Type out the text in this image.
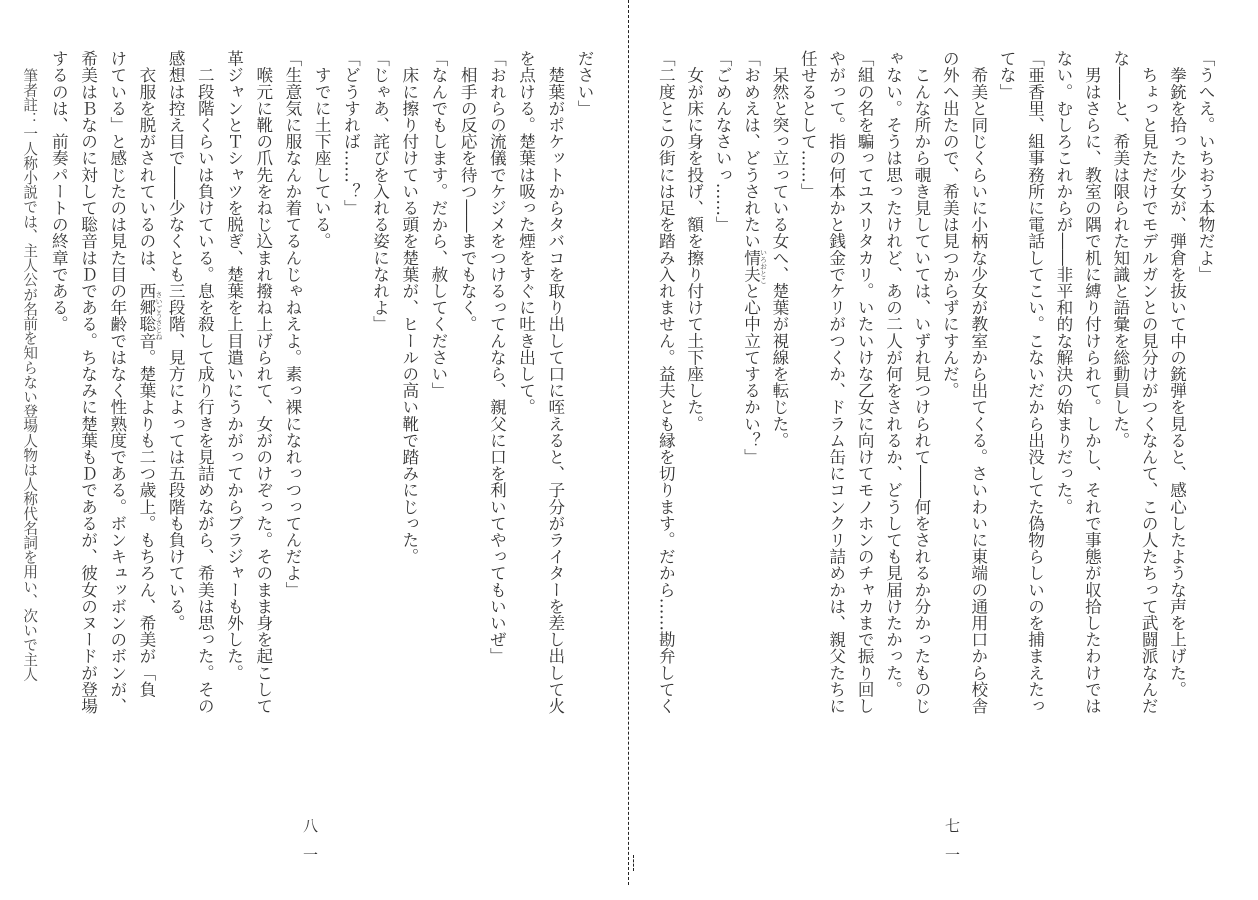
「うへえ。いちおう本物だよ」
　拳銃を拾った少女が、弾倉を抜いて中の銃弾を見ると、感心したような声を上げた。
　ちょっと見ただけでモデルガンとの見分けがつくなんて、この人たちって武闘派なんだ
な――と、希美は限られた知識と語彙を総動員した。
　男はさらに、教室の隅で机に縛り付けられて。しかし、それで事態が収拾したわけでは
ない。むしろこれからが――非平和的な解決の始まりだった。
「亜香里、組事務所に電話してこい。こないだから出没してた偽物らしいのを捕まえたっ
てな」
　希美と同じくらいに小柄な少女が教室から出てくる。さいわいに東端の通用口から校舎
の外へ出たので、希美は見つからずにすんだ。
　こんな所から覗き見していては、いずれ見つけられて――何をされるか分かったものじ
ゃない。そうは思ったけれど、あの二人が何をされるか、どうしても見届けたかった。
「組の名を騙ってユスリタカリ。いたいけな乙女に向けてモノホンのチャカまで振り回し
やがって。指の何本かと銭金でケリがつくか、ドラム缶にコンクリ詰めかは、親父たちに
任せるとして……」
　呆然と突っ立っている女へ、楚葉が視線を転じた。
「おめえは、どうされたい情夫と心中立てするかい？」
「ごめんなさいっ……」
　女が床に身を投げ、額を擦り付けて土下座した。
「二度とこの街には足を踏み入れません。益夫とも縁を切ります。だから……勘弁してく
ださい」
　楚葉がポケットからタバコを取り出して口に咥えると、子分がライターを差し出して火
を点ける。楚葉は吸った煙をすぐに吐き出して。
「おれらの流儀でケジメをつけるってんなら、親父に口を利いてやってもいいぜ」
　相手の反応を待つ――までもなく。
「なんでもします。だから、赦してください」
　床に擦り付けている頭を楚葉が、ヒールの高い靴で踏みにじった。
「じゃあ、詫びを入れる姿になれよ」
「どうすれば……？」
　すでに土下座している。
「生意気に服なんか着てるんじゃねえよ。素っ裸になれっつってんだよ」
　喉元に靴の爪先をねじ込まれ撥ね上げられて、女がのけぞった。そのまま身を起こして
革ジャンとＴシャツを脱ぎ、楚葉を上目遣いにうかがってからブラジャーも外した。
　二段階くらいは負けている。息を殺して成り行きを見詰めながら、希美は思った。その
感想は控え目で――少なくとも三段階、見方によっては五段階も負けている。
　衣服を脱がされているのは、西郷聡音。楚葉よりも二つ歳上。もちろん、希美が「負
けている」と感じたのは見た目の年齢ではなく性熟度である。ボンキュッボンのボンが、
希美はＢなのに対して聡音はＤである。ちなみに楚葉もＤであるが、彼女のヌードが登場
するのは、前奏パートの終章である。
筆者註：一人称小説では、主人公が名前を知らない登場人物は人称代名詞を用い、次いで主人
七一
八一
いろおとこ
さいごうさとね
